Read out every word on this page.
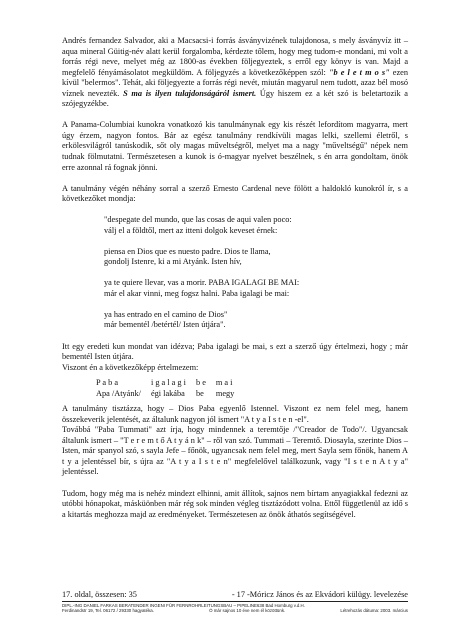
Andrés fernandez Salvador, aki a Macsacsi-i forrás ásványvizének tulajdonosa, s mely ásványvíz itt – aqua mineral Güitig-név alatt kerül forgalomba, kérdezte tőlem, hogy meg tudom-e mondani, mi volt a forrás régi neve, melyet még az 1800-as években följegyeztek, s erről egy könyv is van. Majd a megfelelő fényámásolatot megküldöm. A följegyzés a következőképpen szól: "b e l e t m o s" ezen kívül "belermos". Tehát, aki följegyezte a forrás régi nevét, miután magyarul nem tudott, azaz bél mosó víznek nevezték. S ma is ilyen tulajdonságáról ismert. Úgy hiszem ez a két szó is beletartozik a szójegyzékbe.

A Panama-Columbiai kunokra vonatkozó kis tanulmánynak egy kis részét lefordítom magyarra, mert úgy érzem, nagyon fontos. Bár az egész tanulmány rendkívüli magas lelki, szellemi életről, s erkölesvilágról tanúskodik, sőt oly magas műveltségről, melyet ma a nagy "műveltségű" népek nem tudnak fölmutatni. Természetesen a kunok is ó-magyar nyelvet beszélnek, s én arra gondoltam, önök erre azonnal rá fognak jönni.

A tanulmány végén néhány sorral a szerző Ernesto Cardenal neve fölött a haldokló kunokról ír, s a következőket mondja:

"despegate del mundo, que las cosas de aqui valen poco:

válj el a földtől, mert az itteni dolgok keveset érnek:

piensa en Dios que es nuesto padre. Dios te llama,

gondolj Istenre, ki a mi Atyánk. Isten hív,

ya te quiere llevar, vas a morir. PABA IGALAGI BE MAI:

már el akar vinni, meg fogsz halni. Paba igalagi be mai:

ya has entrado en el camino de Dios"

már bementél /betértél/ Isten útjára".

Itt egy eredeti kun mondat van idézva; Paba igalagi be mai, s ezt a szerző úgy értelmezi, hogy ; már bementél Isten útjára.

Viszont én a következőképp értelmezem:

P a b a	i g a l a g i	b e	m a i
Apa /Atyánk/	égi lakába	be	megy

A tanulmány tisztázza, hogy – Dios Paba egyenlő Istennel. Viszont ez nem felel meg, hanem összekeverik jelentését, az általunk nagyon jól ismert "A t y a I s t e n -el".

Továbbá "Paba Tummati" azt írja, hogy mindennek a teremtője /"Creador de Todo"/. Ugyancsak általunk ismert – "T e r e m t ő A t y á n k" – ről van szó. Tummati – Teremtő. Diosayla, szerinte Dios – Isten, már spanyol szó, s sayla Jefe – főnök, ugyancsak nem felel meg, mert Sayla sem főnök, hanem A t y a jelentéssel bír, s újra az "A t y a I s t e n" megfelelővel találkozunk, vagy "I s t e n A t y a" jelentéssel.

Tudom, hogy még ma is nehéz mindezt elhinni, amit állítok, sajnos nem bírtam anyagiakkal fedezni az utóbbi hónapokat, másküönben már rég sok minden végleg tisztázódott volna. Ettől függetlenül az idő s a kitartás meghozza majd az eredményeket. Természetesen az önök áthatós segítségével.

17. oldal, összesen: 35	- 17 -Móricz János és az Ekvádori külügy. levelezése
DIPL.-ING DANIEL FARKAS BERATENDER INGENI FÜR FERNROHRLEITUNGSBAU – PIPELINE638 Bad Homburg v.d.H.
Ferdinandstr 19, Tel. 06172 / 29330 hagyatéka.	Ó már sajnos 10 éve nem él közöttünk.	Létrehozás dátuma: 2003. március
